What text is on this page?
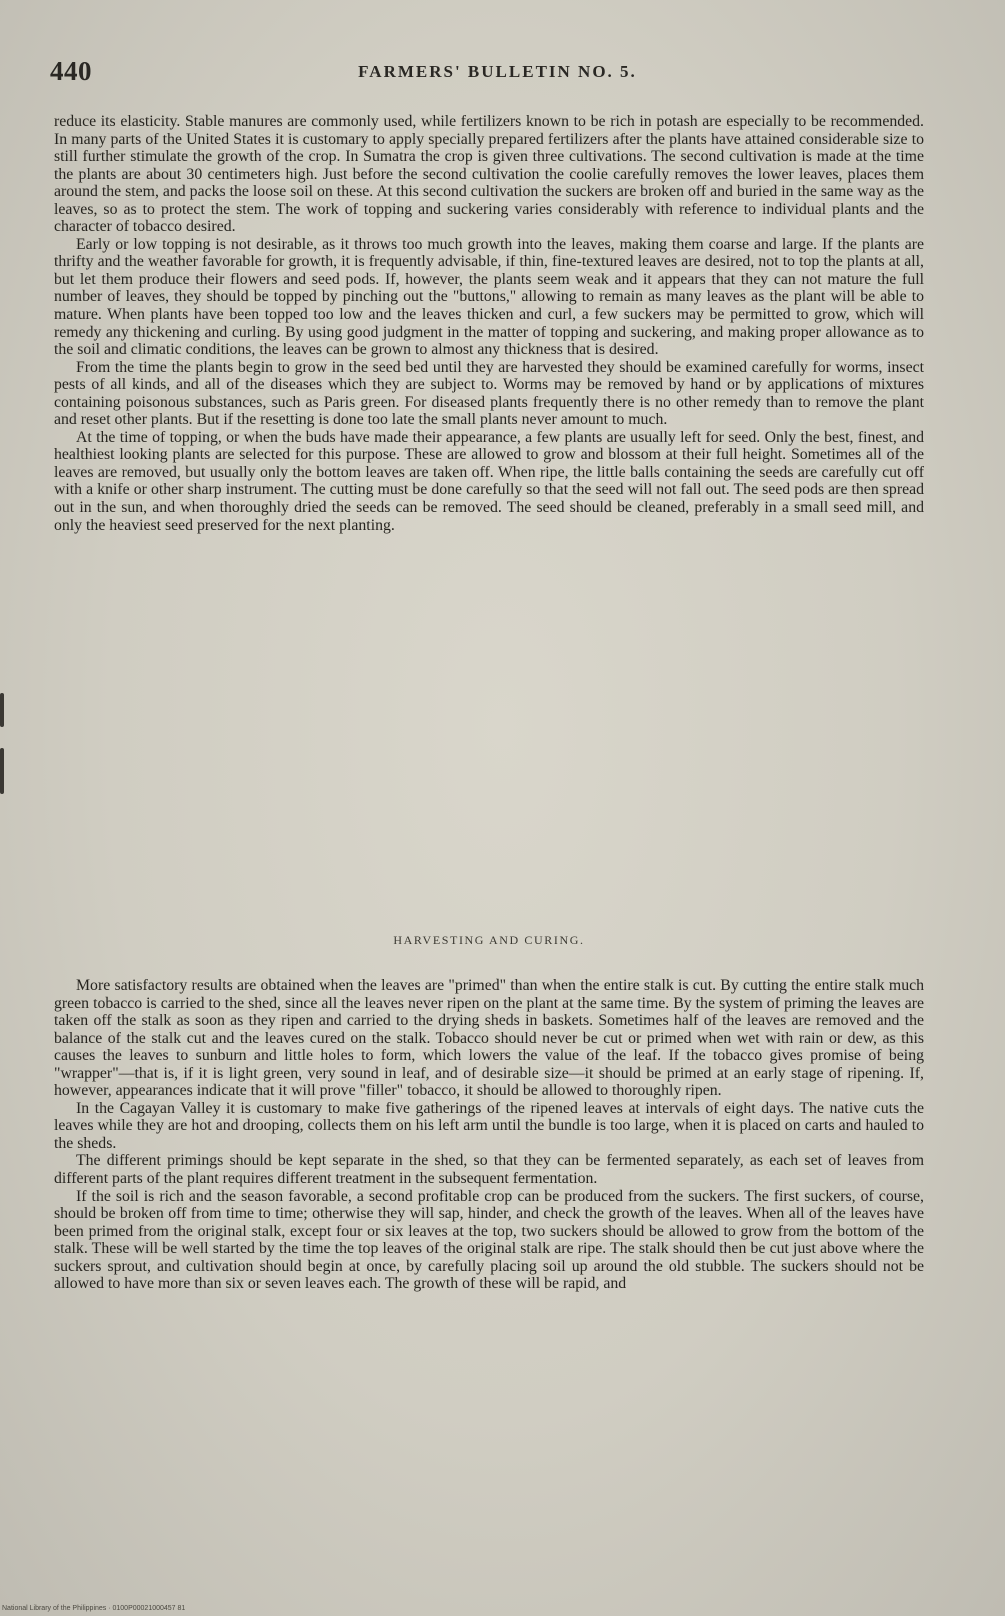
440	FARMERS' BULLETIN NO. 5.

reduce its elasticity. Stable manures are commonly used, while fertilizers known to be rich in potash are especially to be recommended. In many parts of the United States it is customary to apply specially prepared fertilizers after the plants have attained considerable size to still further stimulate the growth of the crop. In Sumatra the crop is given three cultivations. The second cultivation is made at the time the plants are about 30 centimeters high. Just before the second cultivation the coolie carefully removes the lower leaves, places them around the stem, and packs the loose soil on these. At this second cultivation the suckers are broken off and buried in the same way as the leaves, so as to protect the stem. The work of topping and suckering varies considerably with reference to individual plants and the character of tobacco desired.

Early or low topping is not desirable, as it throws too much growth into the leaves, making them coarse and large. If the plants are thrifty and the weather favorable for growth, it is frequently advisable, if thin, fine-textured leaves are desired, not to top the plants at all, but let them produce their flowers and seed pods. If, however, the plants seem weak and it appears that they can not mature the full number of leaves, they should be topped by pinching out the "buttons," allowing to remain as many leaves as the plant will be able to mature. When plants have been topped too low and the leaves thicken and curl, a few suckers may be permitted to grow, which will remedy any thickening and curling. By using good judgment in the matter of topping and suckering, and making proper allowance as to the soil and climatic conditions, the leaves can be grown to almost any thickness that is desired.

From the time the plants begin to grow in the seed bed until they are harvested they should be examined carefully for worms, insect pests of all kinds, and all of the diseases which they are subject to. Worms may be removed by hand or by applications of mixtures containing poisonous substances, such as Paris green. For diseased plants frequently there is no other remedy than to remove the plant and reset other plants. But if the resetting is done too late the small plants never amount to much.

At the time of topping, or when the buds have made their appearance, a few plants are usually left for seed. Only the best, finest, and healthiest looking plants are selected for this purpose. These are allowed to grow and blossom at their full height. Sometimes all of the leaves are removed, but usually only the bottom leaves are taken off. When ripe, the little balls containing the seeds are carefully cut off with a knife or other sharp instrument. The cutting must be done carefully so that the seed will not fall out. The seed pods are then spread out in the sun, and when thoroughly dried the seeds can be removed. The seed should be cleaned, preferably in a small seed mill, and only the heaviest seed preserved for the next planting.

HARVESTING AND CURING.

More satisfactory results are obtained when the leaves are "primed" than when the entire stalk is cut. By cutting the entire stalk much green tobacco is carried to the shed, since all the leaves never ripen on the plant at the same time. By the system of priming the leaves are taken off the stalk as soon as they ripen and carried to the drying sheds in baskets. Sometimes half of the leaves are removed and the balance of the stalk cut and the leaves cured on the stalk. Tobacco should never be cut or primed when wet with rain or dew, as this causes the leaves to sunburn and little holes to form, which lowers the value of the leaf. If the tobacco gives promise of being "wrapper"—that is, if it is light green, very sound in leaf, and of desirable size—it should be primed at an early stage of ripening. If, however, appearances indicate that it will prove "filler" tobacco, it should be allowed to thoroughly ripen.

In the Cagayan Valley it is customary to make five gatherings of the ripened leaves at intervals of eight days. The native cuts the leaves while they are hot and drooping, collects them on his left arm until the bundle is too large, when it is placed on carts and hauled to the sheds.

The different primings should be kept separate in the shed, so that they can be fermented separately, as each set of leaves from different parts of the plant requires different treatment in the subsequent fermentation.

If the soil is rich and the season favorable, a second profitable crop can be produced from the suckers. The first suckers, of course, should be broken off from time to time; otherwise they will sap, hinder, and check the growth of the leaves. When all of the leaves have been primed from the original stalk, except four or six leaves at the top, two suckers should be allowed to grow from the bottom of the stalk. These will be well started by the time the top leaves of the original stalk are ripe. The stalk should then be cut just above where the suckers sprout, and cultivation should begin at once, by carefully placing soil up around the old stubble. The suckers should not be allowed to have more than six or seven leaves each. The growth of these will be rapid, and

National Library of the Philippines · 0100P00021000457 81
